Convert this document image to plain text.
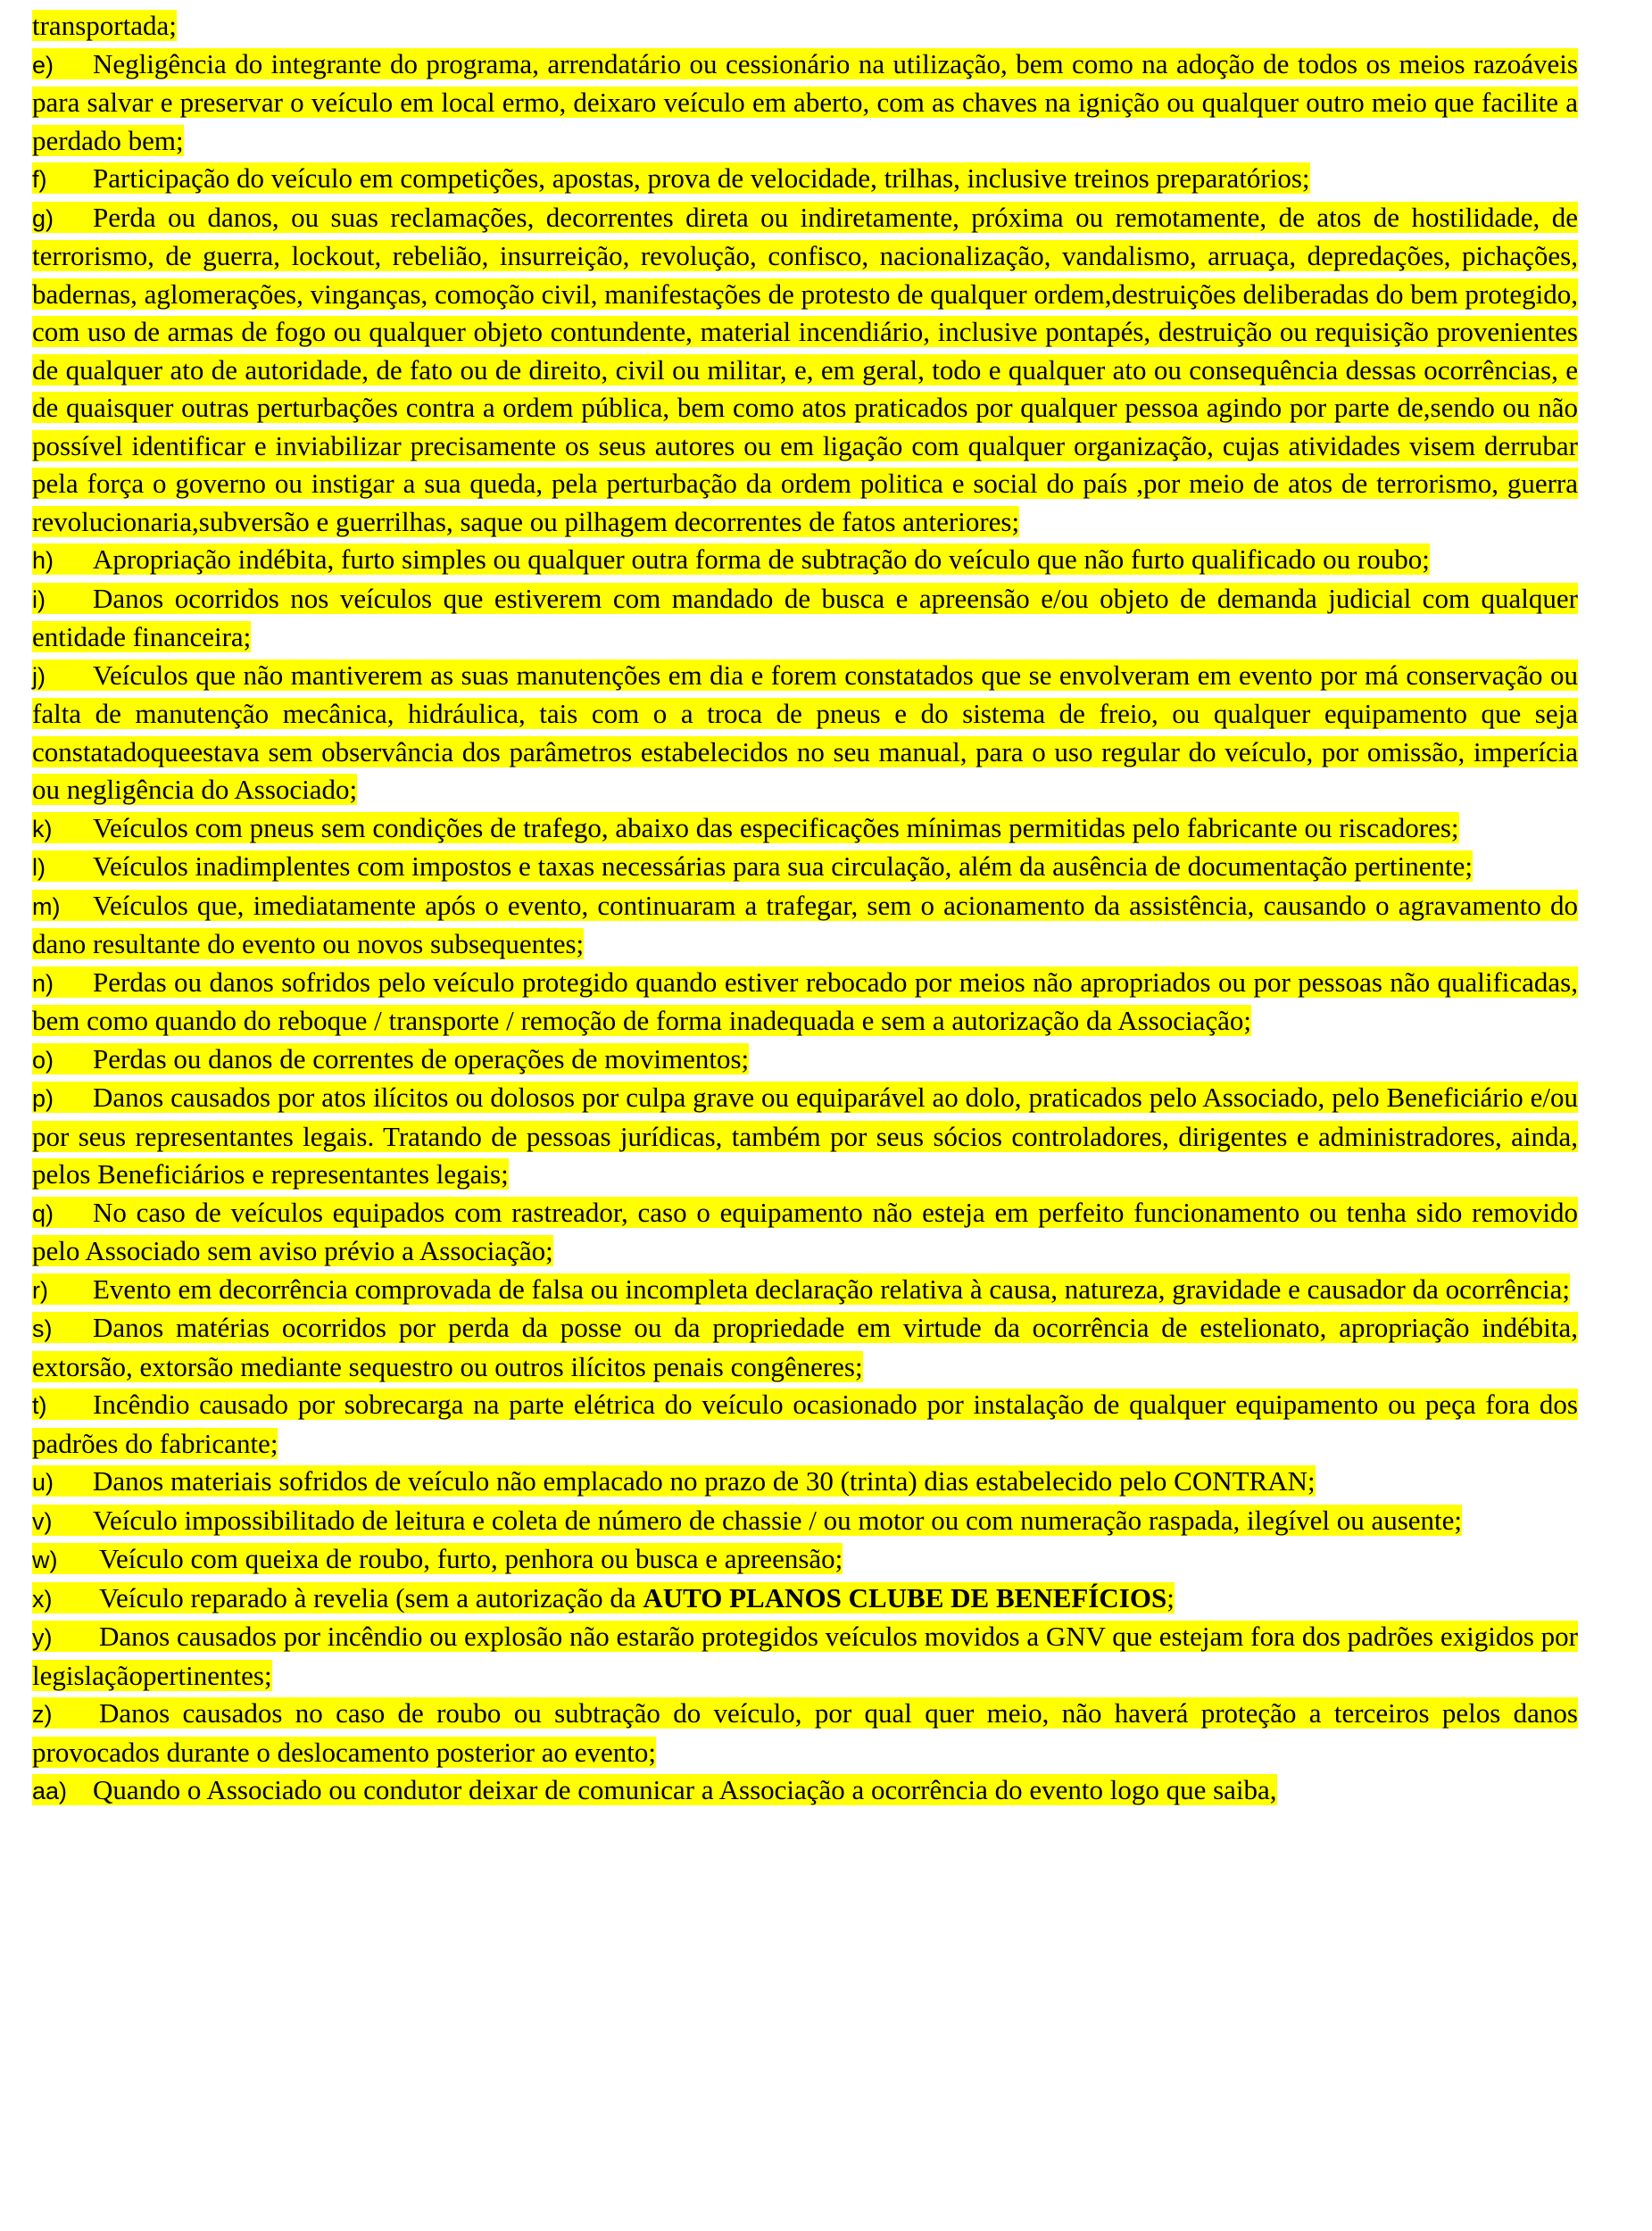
transportada;

e) Negligência do integrante do programa, arrendatário ou cessionário na utilização, bem como na adoção de todos os meios razoáveis para salvar e preservar o veículo em local ermo, deixaro veículo em aberto, com as chaves na ignição ou qualquer outro meio que facilite a perdado bem;

f) Participação do veículo em competições, apostas, prova de velocidade, trilhas, inclusive treinos preparatórios;

g) Perda ou danos, ou suas reclamações, decorrentes direta ou indiretamente, próxima ou remotamente, de atos de hostilidade, de terrorismo, de guerra, lockout, rebelião, insurreição, revolução, confisco, nacionalização, vandalismo, arruaça, depredações, pichações, badernas, aglomerações, vinganças, comoção civil, manifestações de protesto de qualquer ordem,destruições deliberadas do bem protegido, com uso de armas de fogo ou qualquer objeto contundente, material incendiário, inclusive pontapés, destruição ou requisição provenientes de qualquer ato de autoridade, de fato ou de direito, civil ou militar, e, em geral, todo e qualquer ato ou consequência dessas ocorrências, e de quaisquer outras perturbações contra a ordem pública, bem como atos praticados por qualquer pessoa agindo por parte de,sendo ou não possível identificar e inviabilizar precisamente os seus autores ou em ligação com qualquer organização, cujas atividades visem derrubar pela força o governo ou instigar a sua queda, pela perturbação da ordem politica e social do país ,por meio de atos de terrorismo, guerra revolucionaria,subversão e guerrilhas, saque ou pilhagem decorrentes de fatos anteriores;

h) Apropriação indébita, furto simples ou qualquer outra forma de subtração do veículo que não furto qualificado ou roubo;

i) Danos ocorridos nos veículos que estiverem com mandado de busca e apreensão e/ou objeto de demanda judicial com qualquer entidade financeira;

j) Veículos que não mantiverem as suas manutenções em dia e forem constatados que se envolveram em evento por má conservação ou falta de manutenção mecânica, hidráulica, tais com o a troca de pneus e do sistema de freio, ou qualquer equipamento que seja constatadoqueestava sem observância dos parâmetros estabelecidos no seu manual, para o uso regular do veículo, por omissão, imperícia ou negligência do Associado;

k) Veículos com pneus sem condições de trafego, abaixo das especificações mínimas permitidas pelo fabricante ou riscadores;

l) Veículos inadimplentes com impostos e taxas necessárias para sua circulação, além da ausência de documentação pertinente;

m) Veículos que, imediatamente após o evento, continuaram a trafegar, sem o acionamento da assistência, causando o agravamento do dano resultante do evento ou novos subsequentes;

n) Perdas ou danos sofridos pelo veículo protegido quando estiver rebocado por meios não apropriados ou por pessoas não qualificadas, bem como quando do reboque / transporte / remoção de forma inadequada e sem a autorização da Associação;

o) Perdas ou danos de correntes de operações de movimentos;

p) Danos causados por atos ilícitos ou dolosos por culpa grave ou equiparável ao dolo, praticados pelo Associado, pelo Beneficiário e/ou por seus representantes legais. Tratando de pessoas jurídicas, também por seus sócios controladores, dirigentes e administradores, ainda, pelos Beneficiários e representantes legais;

q) No caso de veículos equipados com rastreador, caso o equipamento não esteja em perfeito funcionamento ou tenha sido removido pelo Associado sem aviso prévio a Associação;

r) Evento em decorrência comprovada de falsa ou incompleta declaração relativa à causa, natureza, gravidade e causador da ocorrência;

s) Danos matérias ocorridos por perda da posse ou da propriedade em virtude da ocorrência de estelionato, apropriação indébita, extorsão, extorsão mediante sequestro ou outros ilícitos penais congêneres;

t) Incêndio causado por sobrecarga na parte elétrica do veículo ocasionado por instalação de qualquer equipamento ou peça fora dos padrões do fabricante;

u) Danos materiais sofridos de veículo não emplacado no prazo de 30 (trinta) dias estabelecido pelo CONTRAN;

v) Veículo impossibilitado de leitura e coleta de número de chassie / ou motor ou com numeração raspada, ilegível ou ausente;

w) Veículo com queixa de roubo, furto, penhora ou busca e apreensão;

x) Veículo reparado à revelia (sem a autorização da AUTO PLANOS CLUBE DE BENEFÍCIOS;

y) Danos causados por incêndio ou explosão não estarão protegidos veículos movidos a GNV que estejam fora dos padrões exigidos por legislaçãopertinentes;

z) Danos causados no caso de roubo ou subtração do veículo, por qual quer meio, não haverá proteção a terceiros pelos danos provocados durante o deslocamento posterior ao evento;

aa) Quando o Associado ou condutor deixar de comunicar a Associação a ocorrência do evento logo que saiba,
